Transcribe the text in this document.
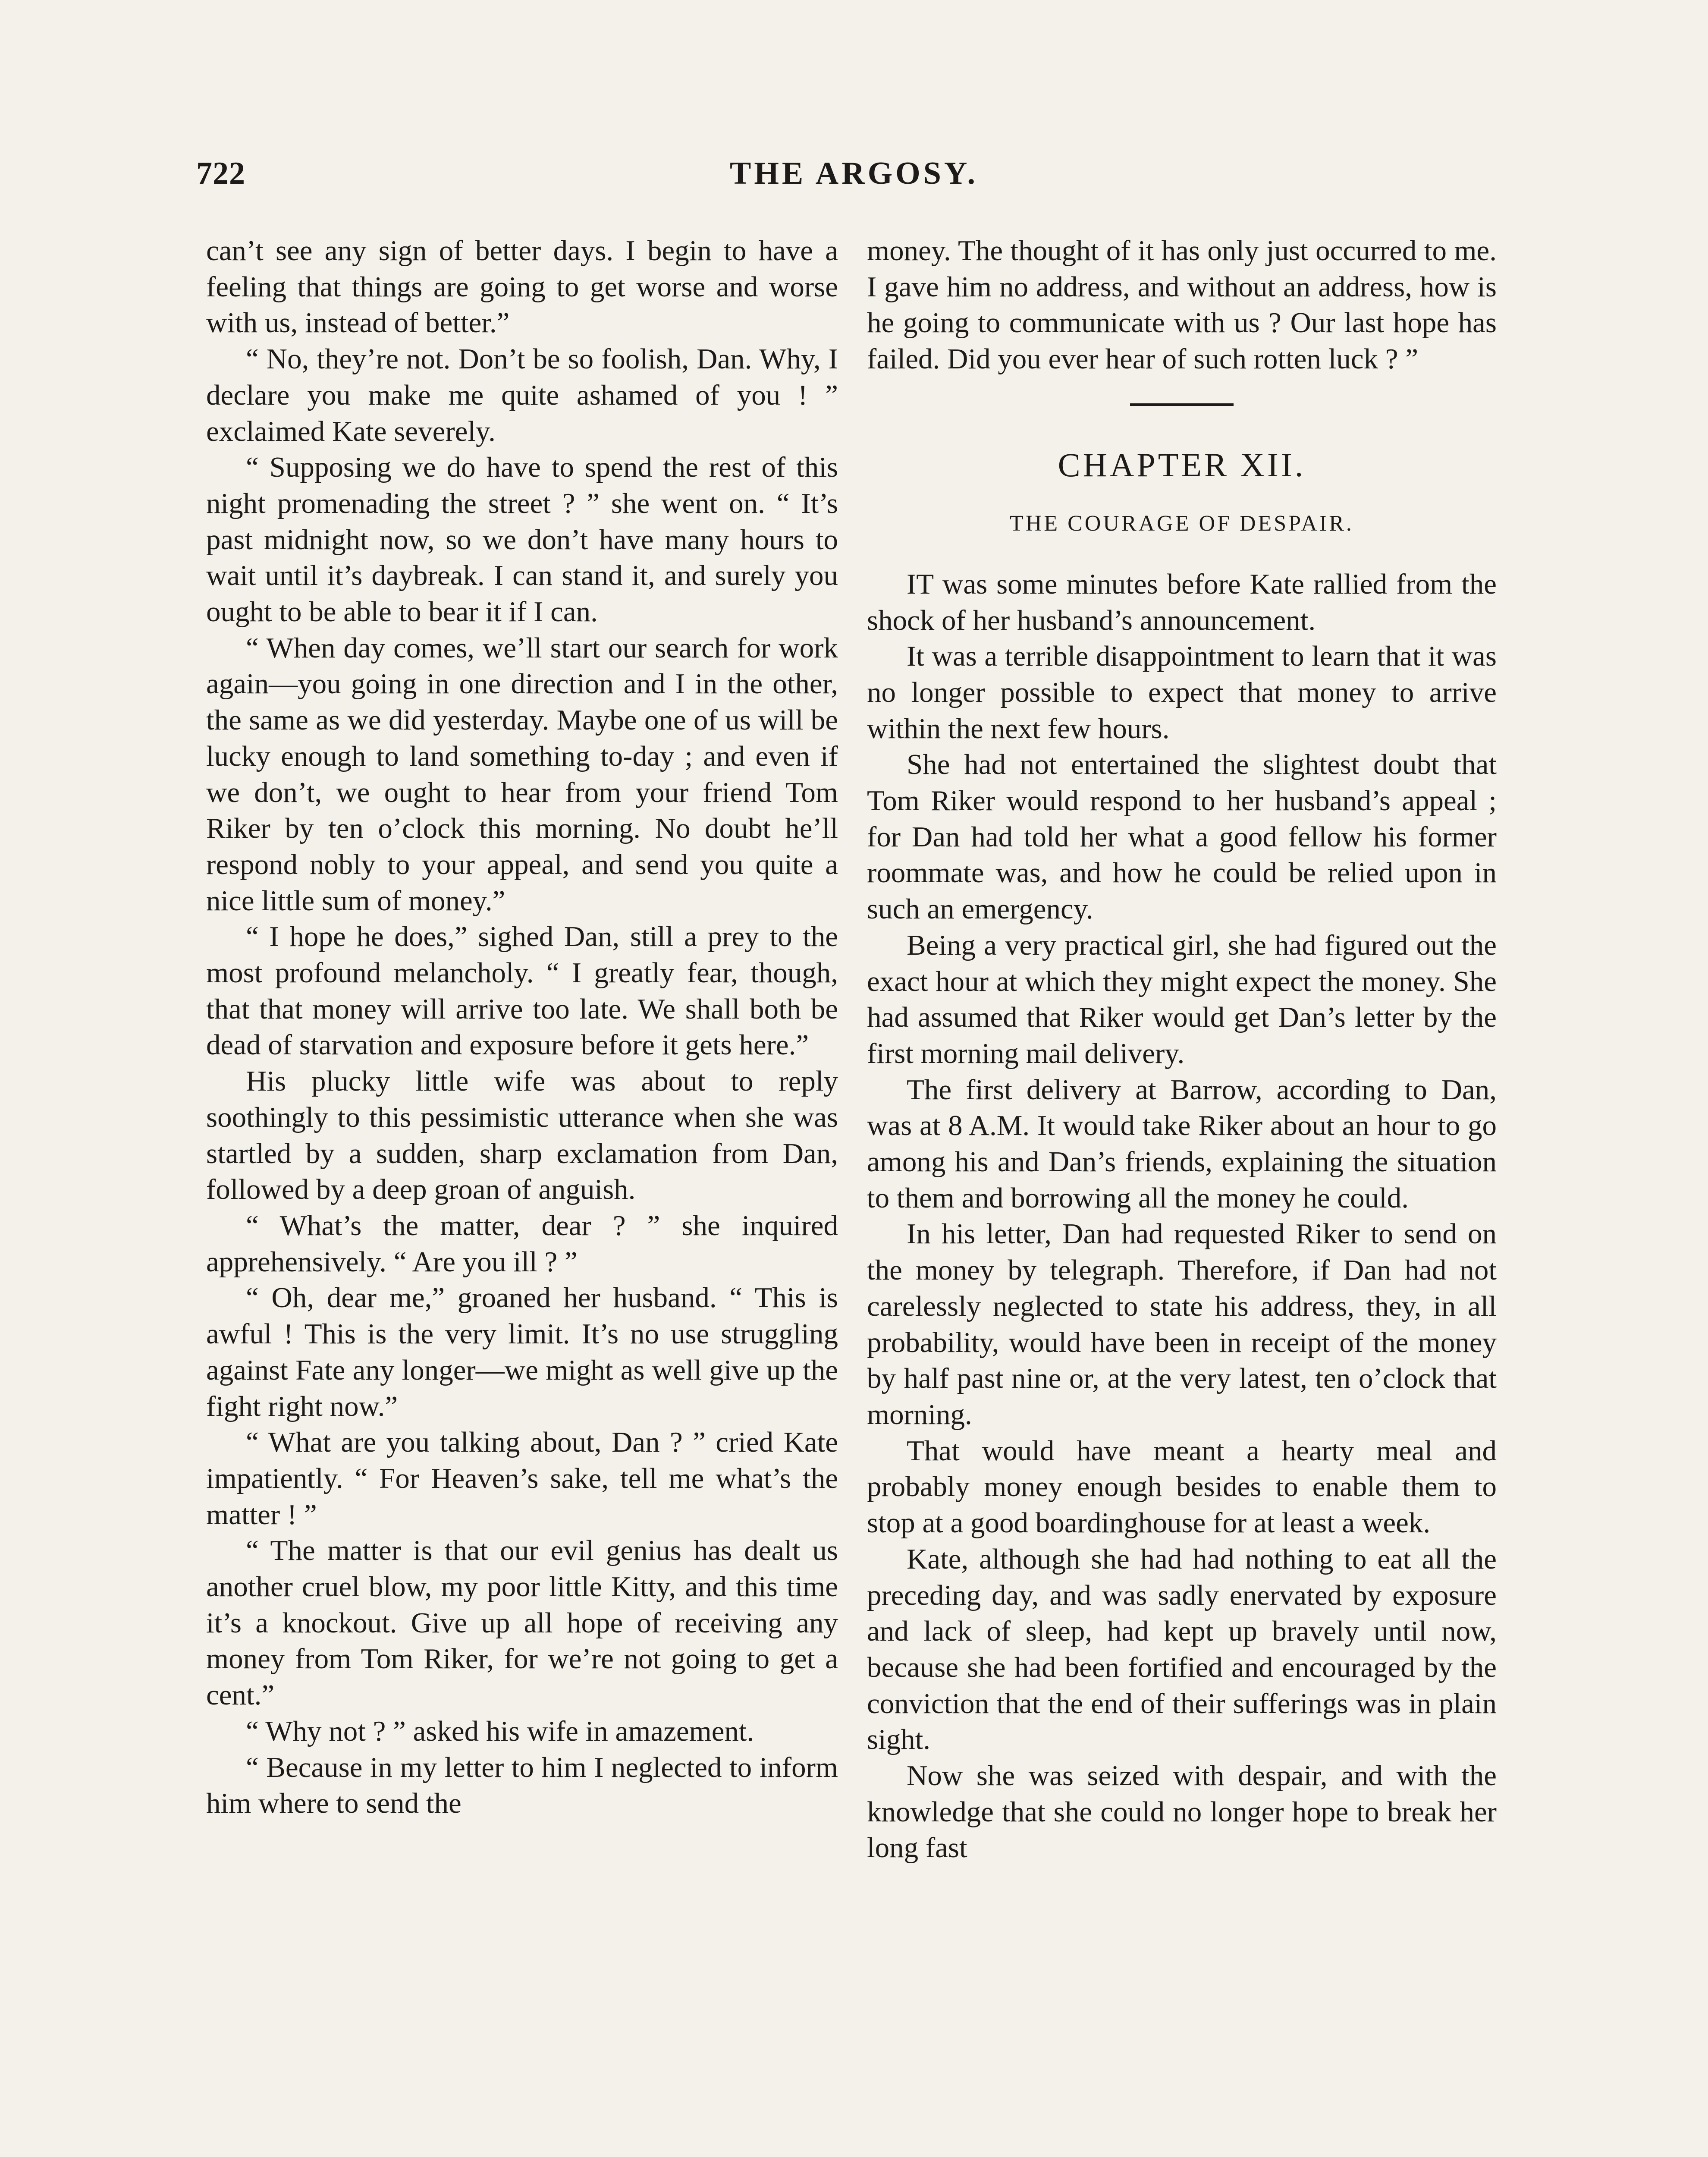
722	THE ARGOSY.

can’t see any sign of better days. I begin to have a feeling that things are going to get worse and worse with us, instead of better.”

“ No, they’re not. Don’t be so foolish, Dan. Why, I declare you make me quite ashamed of you ! ” exclaimed Kate severely.

“ Supposing we do have to spend the rest of this night promenading the street ? ” she went on. “ It’s past midnight now, so we don’t have many hours to wait until it’s daybreak. I can stand it, and surely you ought to be able to bear it if I can.

“ When day comes, we’ll start our search for work again—you going in one direction and I in the other, the same as we did yesterday. Maybe one of us will be lucky enough to land something to-day ; and even if we don’t, we ought to hear from your friend Tom Riker by ten o’clock this morning. No doubt he’ll respond nobly to your appeal, and send you quite a nice little sum of money.”

“ I hope he does,” sighed Dan, still a prey to the most profound melancholy. “ I greatly fear, though, that that money will arrive too late. We shall both be dead of starvation and exposure before it gets here.”

His plucky little wife was about to reply soothingly to this pessimistic utterance when she was startled by a sudden, sharp exclamation from Dan, followed by a deep groan of anguish.

“ What’s the matter, dear ? ” she inquired apprehensively. “ Are you ill ? ”

“ Oh, dear me,” groaned her husband. “ This is awful ! This is the very limit. It’s no use struggling against Fate any longer—we might as well give up the fight right now.”

“ What are you talking about, Dan ? ” cried Kate impatiently. “ For Heaven’s sake, tell me what’s the matter ! ”

“ The matter is that our evil genius has dealt us another cruel blow, my poor little Kitty, and this time it’s a knockout. Give up all hope of receiving any money from Tom Riker, for we’re not going to get a cent.”

“ Why not ? ” asked his wife in amazement.

“ Because in my letter to him I neglected to inform him where to send the

money. The thought of it has only just occurred to me. I gave him no address, and without an address, how is he going to communicate with us ? Our last hope has failed. Did you ever hear of such rotten luck ? ”

CHAPTER XII.
THE COURAGE OF DESPAIR.

IT was some minutes before Kate rallied from the shock of her husband’s announcement.

It was a terrible disappointment to learn that it was no longer possible to expect that money to arrive within the next few hours.

She had not entertained the slightest doubt that Tom Riker would respond to her husband’s appeal ; for Dan had told her what a good fellow his former roommate was, and how he could be relied upon in such an emergency.

Being a very practical girl, she had figured out the exact hour at which they might expect the money. She had assumed that Riker would get Dan’s letter by the first morning mail delivery.

The first delivery at Barrow, according to Dan, was at 8 A.M. It would take Riker about an hour to go among his and Dan’s friends, explaining the situation to them and borrowing all the money he could.

In his letter, Dan had requested Riker to send on the money by telegraph. Therefore, if Dan had not carelessly neglected to state his address, they, in all probability, would have been in receipt of the money by half past nine or, at the very latest, ten o’clock that morning.

That would have meant a hearty meal and probably money enough besides to enable them to stop at a good boardinghouse for at least a week.

Kate, although she had had nothing to eat all the preceding day, and was sadly enervated by exposure and lack of sleep, had kept up bravely until now, because she had been fortified and encouraged by the conviction that the end of their sufferings was in plain sight.

Now she was seized with despair, and with the knowledge that she could no longer hope to break her long fast
